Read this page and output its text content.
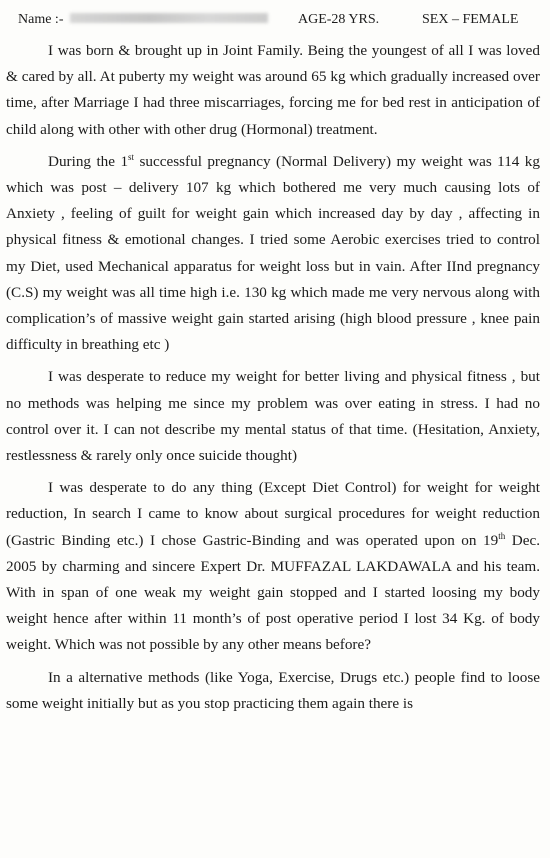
Name :-	AGE-28 YRS.	SEX – FEMALE

I was born & brought up in Joint Family. Being the youngest of all I was loved & cared by all. At puberty my weight was around 65 kg which gradually increased over time, after Marriage I had three miscarriages, forcing me for bed rest in anticipation of child along with other with other drug (Hormonal) treatment.

During the 1st successful pregnancy (Normal Delivery) my weight was 114 kg which was post – delivery 107 kg which bothered me very much causing lots of Anxiety , feeling of guilt for weight gain which increased day by day , affecting in physical fitness & emotional changes. I tried some Aerobic exercises tried to control my Diet, used Mechanical apparatus for weight loss but in vain. After IInd pregnancy (C.S) my weight was all time high i.e. 130 kg which made me very nervous along with complication’s of massive weight gain started arising (high blood pressure , knee pain difficulty in breathing etc )

I was desperate to reduce my weight for better living and physical fitness , but no methods was helping me since my problem was over eating in stress. I had no control over it. I can not describe my mental status of that time. (Hesitation, Anxiety, restlessness & rarely only once suicide thought)

I was desperate to do any thing (Except Diet Control) for weight for weight reduction, In search I came to know about surgical procedures for weight reduction (Gastric Binding etc.) I chose Gastric-Binding and was operated upon on 19th Dec. 2005 by charming and sincere Expert Dr. MUFFAZAL LAKDAWALA and his team. With in span of one weak my weight gain stopped and I started loosing my body weight hence after within 11 month’s of post operative period I lost 34 Kg. of body weight. Which was not possible by any other means before?

In a alternative methods (like Yoga, Exercise, Drugs etc.) people find to loose some weight initially but as you stop practicing them again there is
